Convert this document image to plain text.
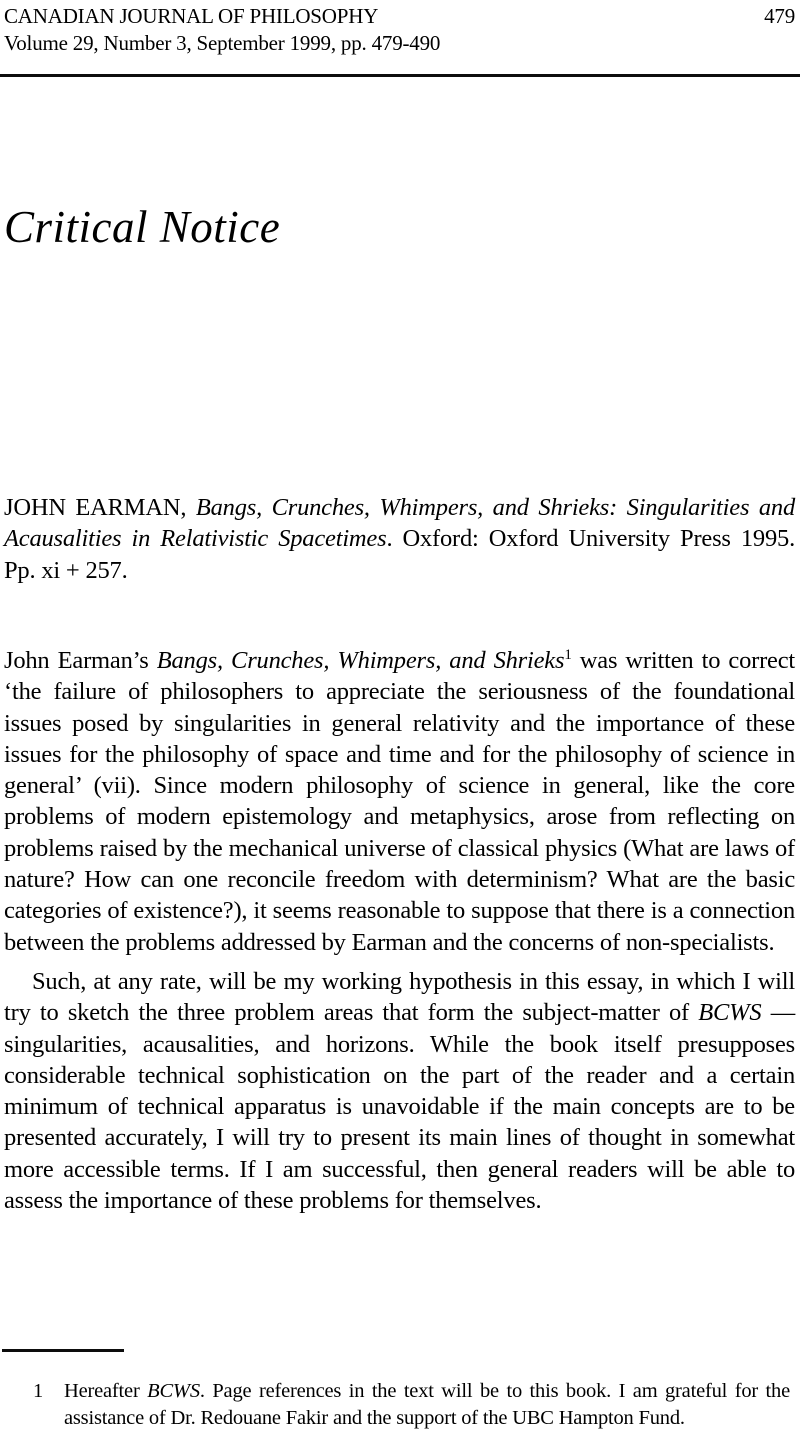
CANADIAN JOURNAL OF PHILOSOPHY	479
Volume 29, Number 3, September 1999, pp. 479-490
Critical Notice
JOHN EARMAN, Bangs, Crunches, Whimpers, and Shrieks: Singularities and Acausalities in Relativistic Spacetimes. Oxford: Oxford University Press 1995. Pp. xi + 257.

John Earman’s Bangs, Crunches, Whimpers, and Shrieks$^1$ was written to correct ‘the failure of philosophers to appreciate the seriousness of the foundational issues posed by singularities in general relativity and the importance of these issues for the philosophy of space and time and for the philosophy of science in general’ (vii). Since modern philosophy of science in general, like the core problems of modern epistemology and metaphysics, arose from reflecting on problems raised by the mechanical universe of classical physics (What are laws of nature? How can one reconcile freedom with determinism? What are the basic categories of existence?), it seems reasonable to suppose that there is a connection between the problems addressed by Earman and the concerns of non-specialists.

Such, at any rate, will be my working hypothesis in this essay, in which I will try to sketch the three problem areas that form the subject-matter of BCWS — singularities, acausalities, and horizons. While the book itself presupposes considerable technical sophistication on the part of the reader and a certain minimum of technical apparatus is unavoidable if the main concepts are to be presented accurately, I will try to present its main lines of thought in somewhat more accessible terms. If I am successful, then general readers will be able to assess the importance of these problems for themselves.

1	Hereafter BCWS. Page references in the text will be to this book. I am grateful for the assistance of Dr. Redouane Fakir and the support of the UBC Hampton Fund.
